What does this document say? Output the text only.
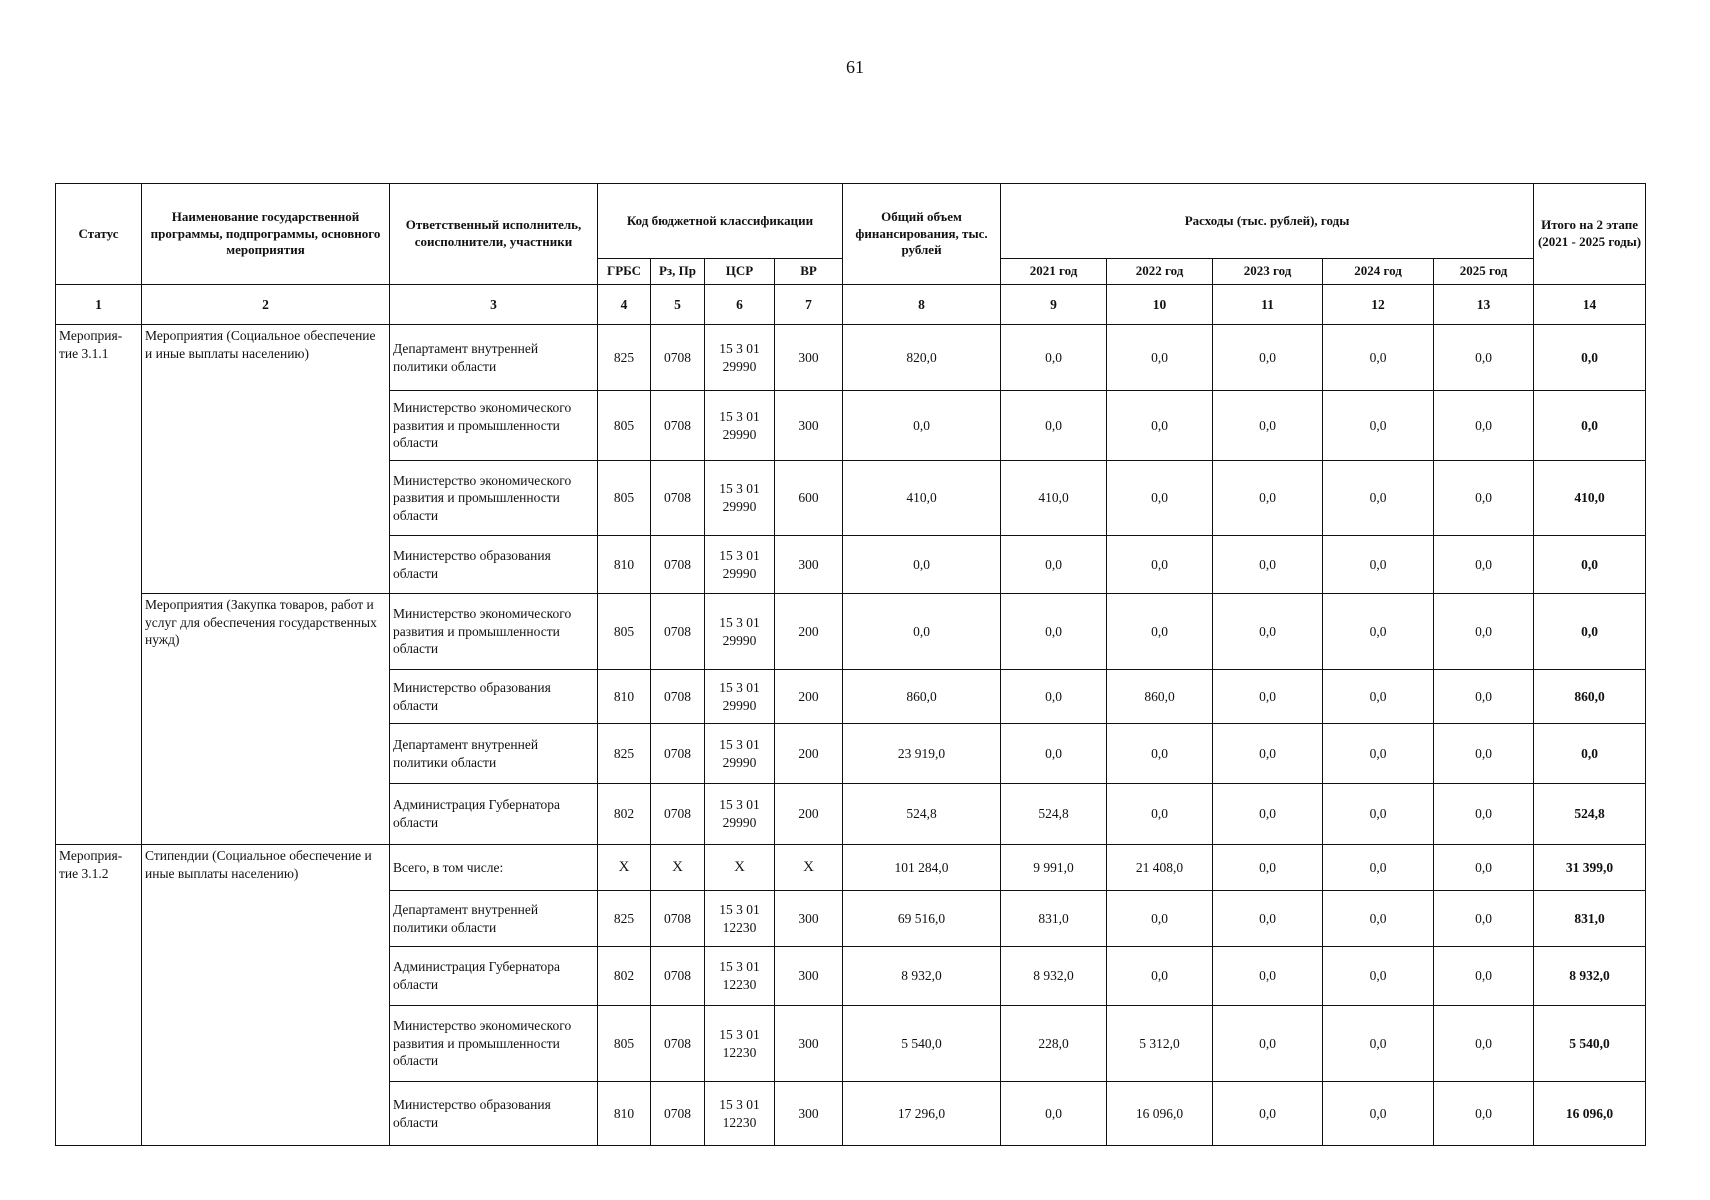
61
Статус	Наименование государственной программы, подпрограммы, основного мероприятия	Ответственный исполнитель, соисполнители, участники	Код бюджетной классификации				Общий объем финансирования, тыс. рублей	Расходы (тыс. рублей), годы					Итого на 2 этапе (2021 - 2025 годы)
			ГРБС	Рз, Пр	ЦСР	ВР		2021 год	2022 год	2023 год	2024 год	2025 год	
1	2	3	4	5	6	7	8	9	10	11	12	13	14
Мероприя-тие 3.1.1	Мероприятия (Социальное обеспечение и иные выплаты населению)	Департамент внутренней политики области	825	0708	15 3 01 29990	300	820,0	0,0	0,0	0,0	0,0	0,0	0,0
		Министерство экономического развития и промышленности области	805	0708	15 3 01 29990	300	0,0	0,0	0,0	0,0	0,0	0,0	0,0
		Министерство экономического развития и промышленности области	805	0708	15 3 01 29990	600	410,0	410,0	0,0	0,0	0,0	0,0	410,0
		Министерство образования области	810	0708	15 3 01 29990	300	0,0	0,0	0,0	0,0	0,0	0,0	0,0
	Мероприятия (Закупка товаров, работ и услуг для обеспечения государственных нужд)	Министерство экономического развития и промышленности области	805	0708	15 3 01 29990	200	0,0	0,0	0,0	0,0	0,0	0,0	0,0
		Министерство образования области	810	0708	15 3 01 29990	200	860,0	0,0	860,0	0,0	0,0	0,0	860,0
		Департамент внутренней политики области	825	0708	15 3 01 29990	200	23 919,0	0,0	0,0	0,0	0,0	0,0	0,0
		Администрация Губернатора области	802	0708	15 3 01 29990	200	524,8	524,8	0,0	0,0	0,0	0,0	524,8
Мероприя-тие 3.1.2	Стипендии (Социальное обеспечение и иные выплаты населению)	Всего, в том числе:	Х	Х	Х	Х	101 284,0	9 991,0	21 408,0	0,0	0,0	0,0	31 399,0
		Департамент внутренней политики области	825	0708	15 3 01 12230	300	69 516,0	831,0	0,0	0,0	0,0	0,0	831,0
		Администрация Губернатора области	802	0708	15 3 01 12230	300	8 932,0	8 932,0	0,0	0,0	0,0	0,0	8 932,0
		Министерство экономического развития и промышленности области	805	0708	15 3 01 12230	300	5 540,0	228,0	5 312,0	0,0	0,0	0,0	5 540,0
		Министерство образования области	810	0708	15 3 01 12230	300	17 296,0	0,0	16 096,0	0,0	0,0	0,0	16 096,0
